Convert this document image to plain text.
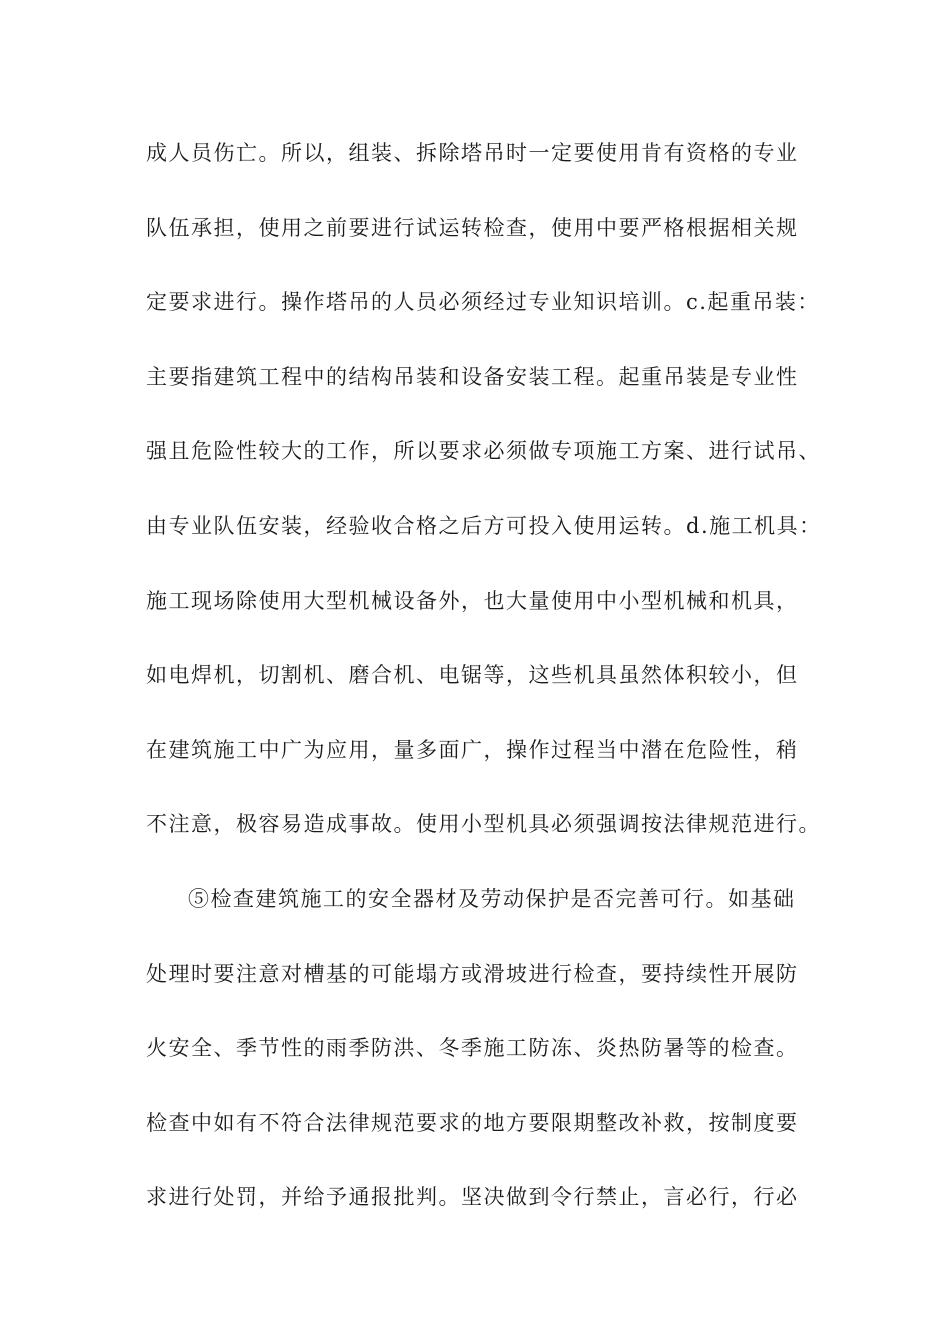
成人员伤亡。所以，组装、拆除塔吊时一定要使用肯有资格的专业
队伍承担，使用之前要进行试运转检查，使用中要严格根据相关规
定要求进行。操作塔吊的人员必须经过专业知识培训。c.起重吊装：
主要指建筑工程中的结构吊装和设备安装工程。起重吊装是专业性
强且危险性较大的工作，所以要求必须做专项施工方案、进行试吊、
由专业队伍安装，经验收合格之后方可投入使用运转。d.施工机具：
施工现场除使用大型机械设备外，也大量使用中小型机械和机具，
如电焊机，切割机、磨合机、电锯等，这些机具虽然体积较小，但
在建筑施工中广为应用，量多面广，操作过程当中潜在危险性，稍
不注意，极容易造成事故。使用小型机具必须强调按法律规范进行。
⑤检查建筑施工的安全器材及劳动保护是否完善可行。如基础
处理时要注意对槽基的可能塌方或滑坡进行检查，要持续性开展防
火安全、季节性的雨季防洪、冬季施工防冻、炎热防暑等的检查。
检查中如有不符合法律规范要求的地方要限期整改补救，按制度要
求进行处罚，并给予通报批判。坚决做到令行禁止，言必行，行必
